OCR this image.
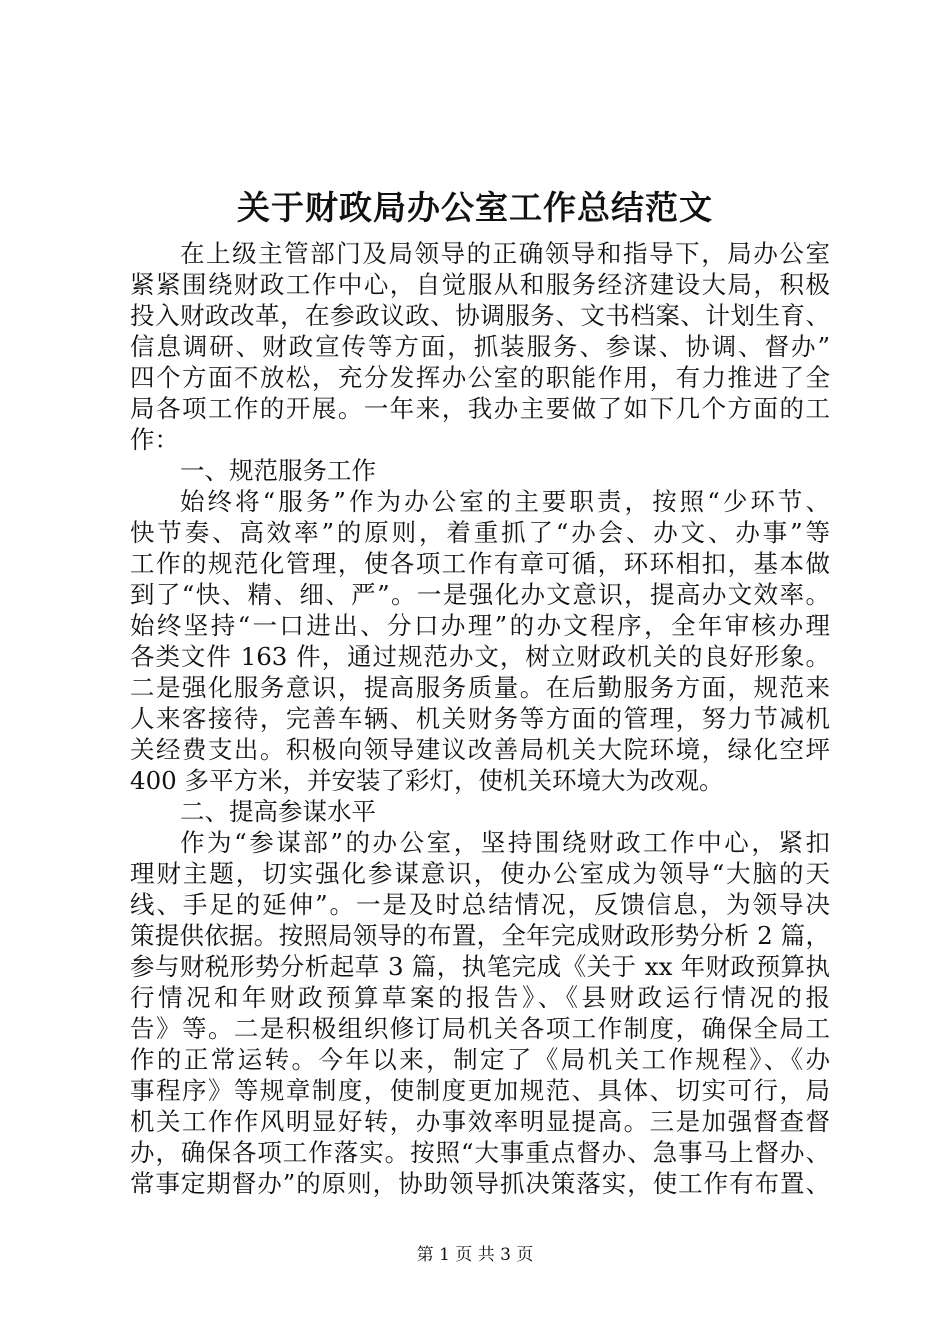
关于财政局办公室工作总结范文
在上级主管部门及局领导的正确领导和指导下，局办公室
紧紧围绕财政工作中心，自觉服从和服务经济建设大局，积极
投入财政改革，在参政议政、协调服务、文书档案、计划生育、
信息调研、财政宣传等方面，抓装服务、参谋、协调、督办”
四个方面不放松，充分发挥办公室的职能作用，有力推进了全
局各项工作的开展。一年来，我办主要做了如下几个方面的工
作：
一、规范服务工作
始终将“服务”作为办公室的主要职责，按照“少环节、
快节奏、高效率”的原则，着重抓了“办会、办文、办事”等
工作的规范化管理，使各项工作有章可循，环环相扣，基本做
到了“快、精、细、严”。一是强化办文意识，提高办文效率。
始终坚持“一口进出、分口办理”的办文程序，全年审核办理
各类文件 163 件，通过规范办文，树立财政机关的良好形象。
二是强化服务意识，提高服务质量。在后勤服务方面，规范来
人来客接待，完善车辆、机关财务等方面的管理，努力节减机
关经费支出。积极向领导建议改善局机关大院环境，绿化空坪
400 多平方米，并安装了彩灯，使机关环境大为改观。
二、提高参谋水平
作为“参谋部”的办公室，坚持围绕财政工作中心，紧扣
理财主题，切实强化参谋意识，使办公室成为领导“大脑的天
线、手足的延伸”。一是及时总结情况，反馈信息，为领导决
策提供依据。按照局领导的布置，全年完成财政形势分析 2 篇，
参与财税形势分析起草 3 篇，执笔完成《关于 xx 年财政预算执
行情况和年财政预算草案的报告》、《县财政运行情况的报
告》等。二是积极组织修订局机关各项工作制度，确保全局工
作的正常运转。今年以来，制定了《局机关工作规程》、《办
事程序》等规章制度，使制度更加规范、具体、切实可行，局
机关工作作风明显好转，办事效率明显提高。三是加强督查督
办，确保各项工作落实。按照“大事重点督办、急事马上督办、
常事定期督办”的原则，协助领导抓决策落实，使工作有布置、
第 1 页 共 3 页
